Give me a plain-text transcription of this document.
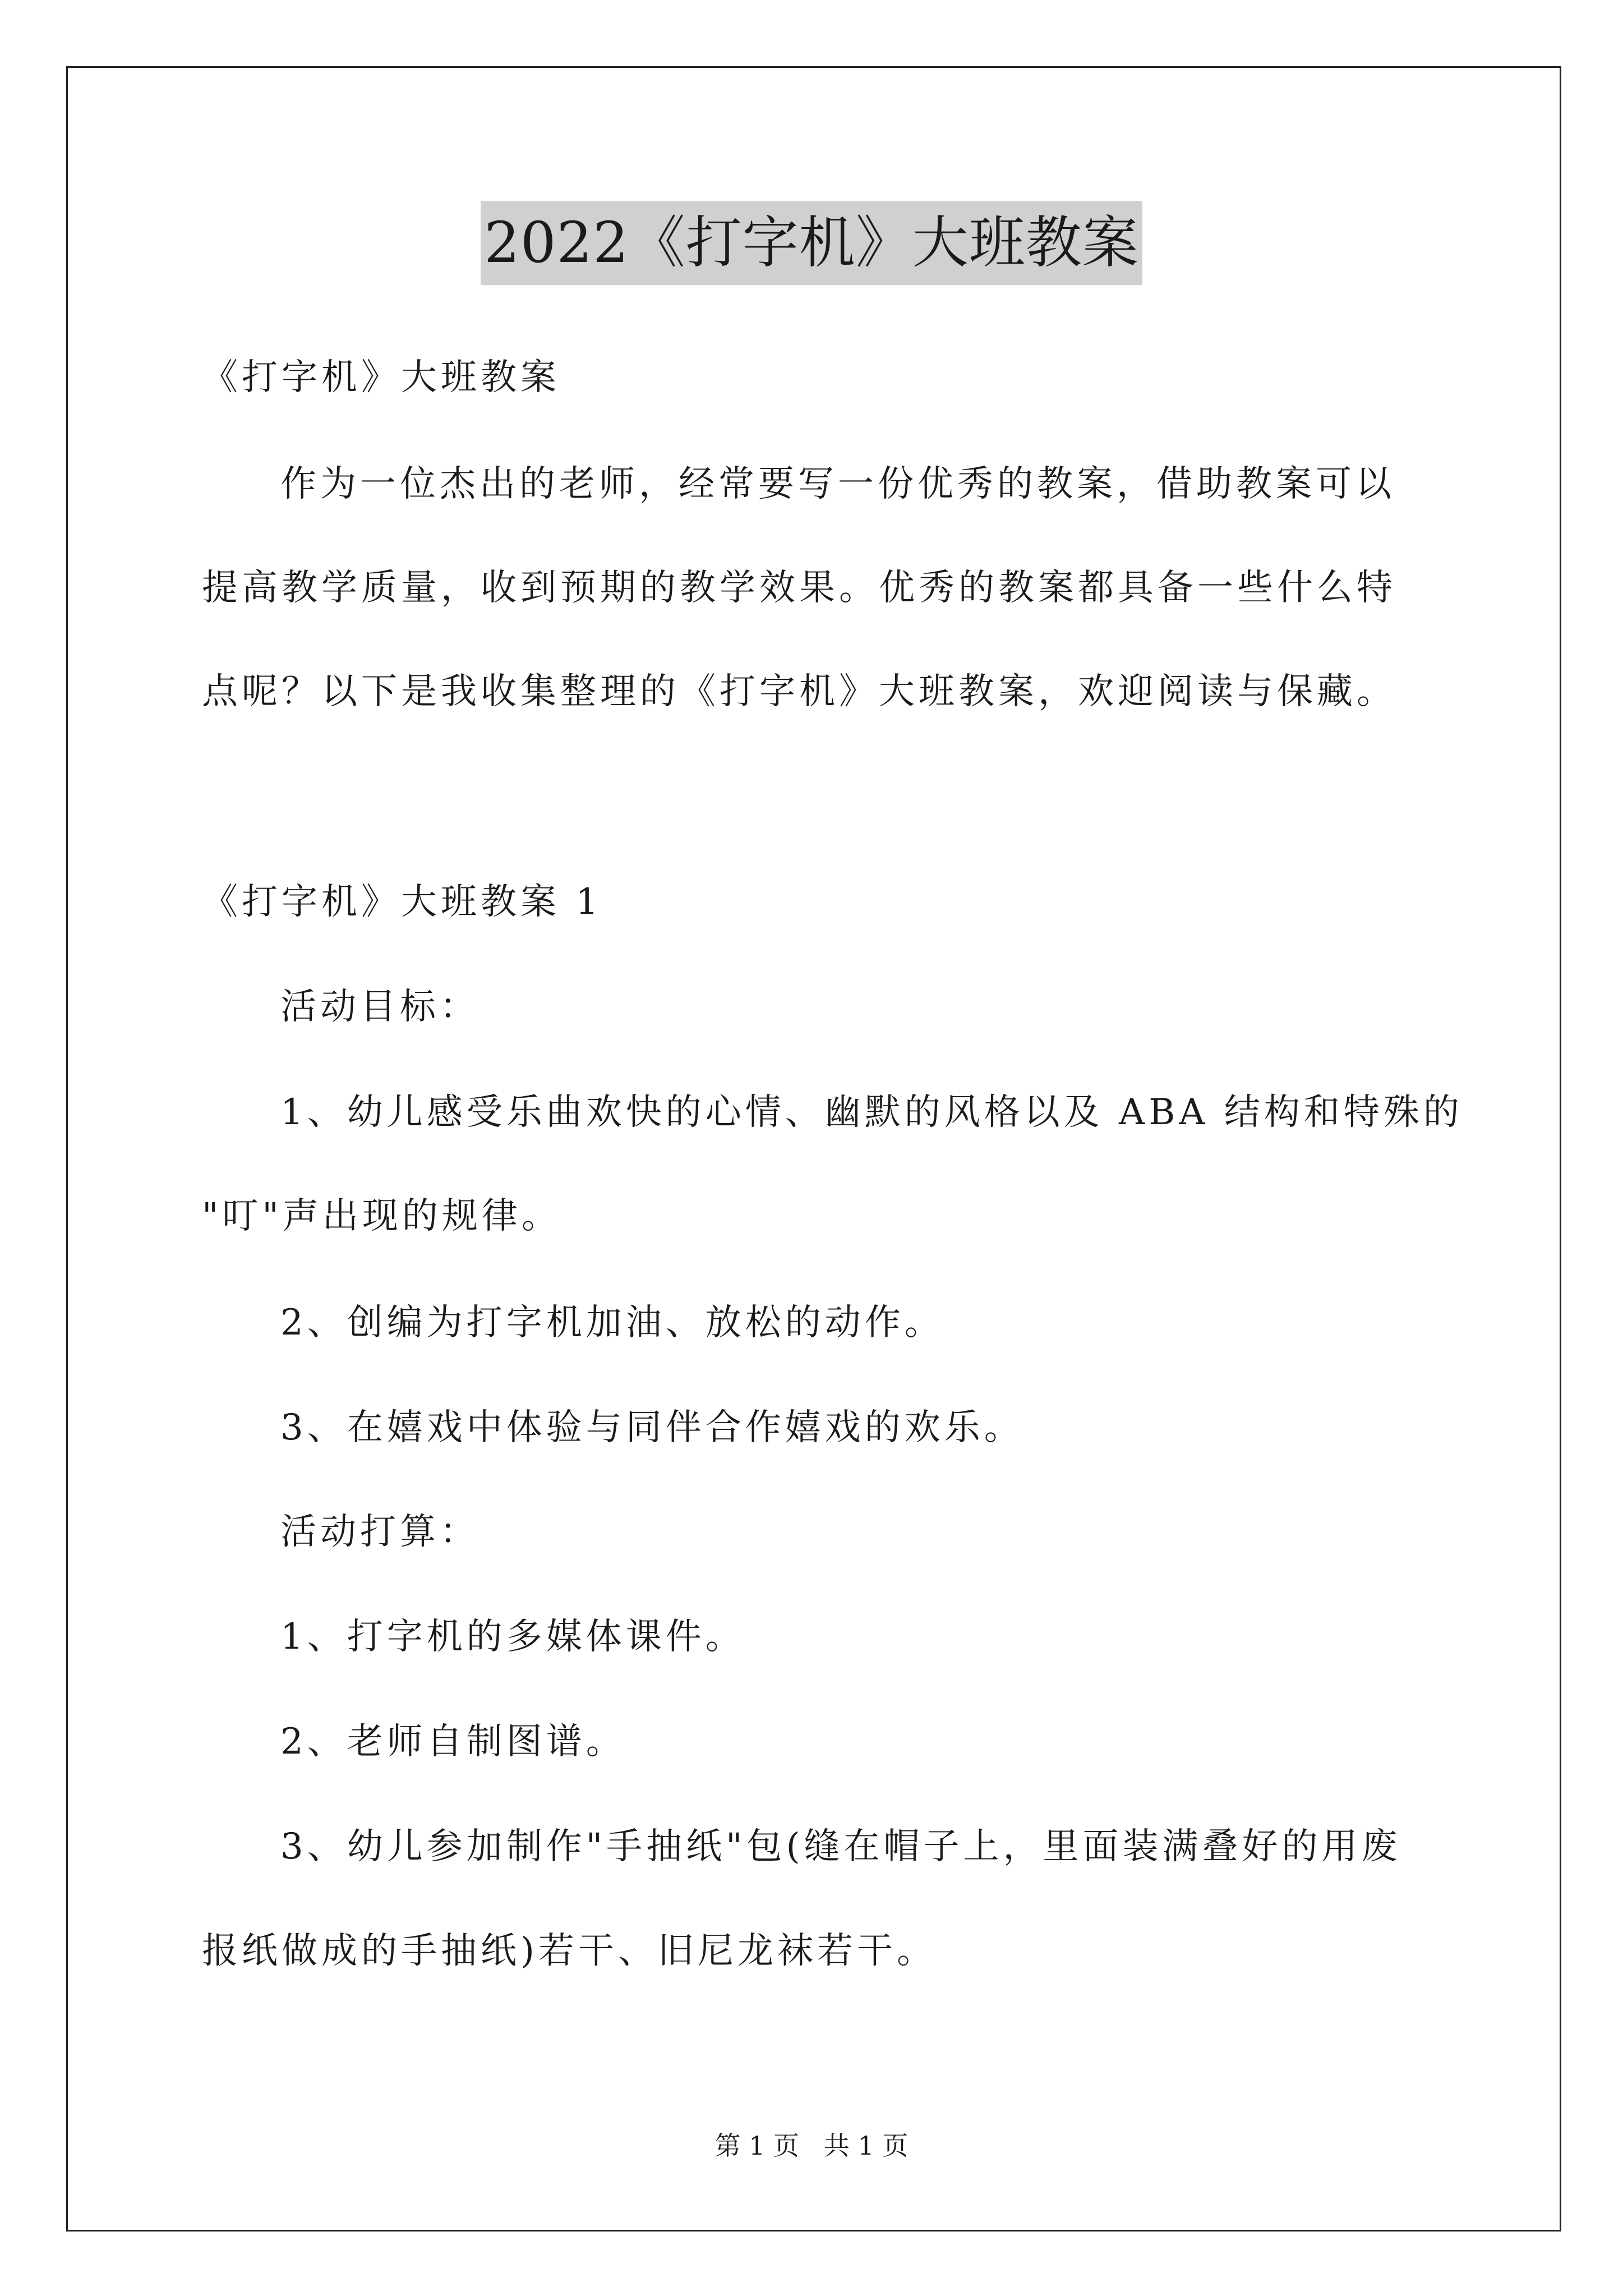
2022《打字机》大班教案
《打字机》大班教案
作为一位杰出的老师，经常要写一份优秀的教案，借助教案可以
提高教学质量，收到预期的教学效果。优秀的教案都具备一些什么特
点呢？以下是我收集整理的《打字机》大班教案，欢迎阅读与保藏。
《打字机》大班教案 1
活动目标：
1、幼儿感受乐曲欢快的心情、幽默的风格以及 ABA 结构和特殊的
"叮"声出现的规律。
2、创编为打字机加油、放松的动作。
3、在嬉戏中体验与同伴合作嬉戏的欢乐。
活动打算：
1、打字机的多媒体课件。
2、老师自制图谱。
3、幼儿参加制作"手抽纸"包(缝在帽子上，里面装满叠好的用废
报纸做成的手抽纸)若干、旧尼龙袜若干。
第 1 页   共 1 页
